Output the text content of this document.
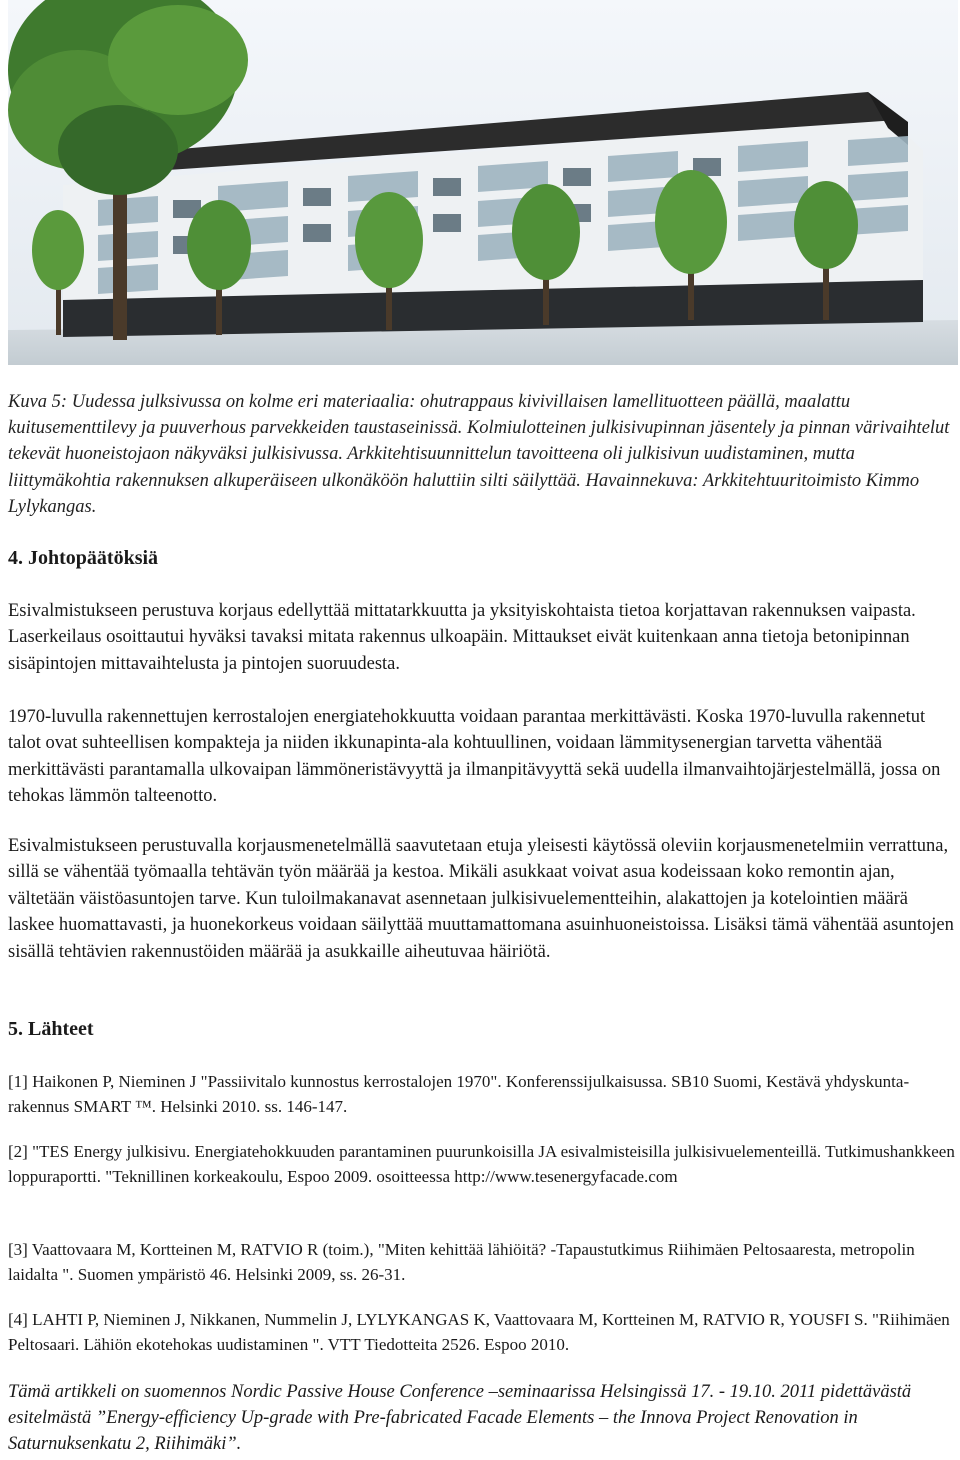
Kuva 5: Uudessa julksivussa on kolme eri materiaalia: ohutrappaus kivivillaisen lamellituotteen päällä, maalattu kuitusementtilevy ja puuverhous parvekkeiden taustaseinissä. Kolmiulotteinen julkisivupinnan jäsentely ja pinnan värivaihtelut tekevät huoneistojaon näkyväksi julkisivussa. Arkkitehtisuunnittelun tavoitteena oli julkisivun uudistaminen, mutta liittymäkohtia rakennuksen alkuperäiseen ulkonäköön haluttiin silti säilyttää. Havainnekuva: Arkkitehtuuritoimisto Kimmo Lylykangas.
4. Johtopäätöksiä
Esivalmistukseen perustuva korjaus edellyttää mittatarkkuutta ja yksityiskohtaista tietoa korjattavan rakennuksen vaipasta. Laserkeilaus osoittautui hyväksi tavaksi mitata rakennus ulkoapäin. Mittaukset eivät kuitenkaan anna tietoja betonipinnan sisäpintojen mittavaihtelusta ja pintojen suoruudesta.
1970-luvulla rakennettujen kerrostalojen energiatehokkuutta voidaan parantaa merkittävästi. Koska 1970-luvulla rakennetut talot ovat suhteellisen kompakteja ja niiden ikkunapinta-ala kohtuullinen, voidaan lämmitysenergian tarvetta vähentää merkittävästi parantamalla ulkovaipan lämmöneristävyyttä ja ilmanpitävyyttä sekä uudella ilmanvaihtojärjestelmällä, jossa on tehokas lämmön talteenotto.
Esivalmistukseen perustuvalla korjausmenetelmällä saavutetaan etuja yleisesti käytössä oleviin korjausmenetelmiin verrattuna, sillä se vähentää työmaalla tehtävän työn määrää ja kestoa. Mikäli asukkaat voivat asua kodeissaan koko remontin ajan, vältetään väistöasuntojen tarve. Kun tuloilmakanavat asennetaan julkisivuelementteihin, alakattojen ja kotelointien määrä laskee huomattavasti, ja huonekorkeus voidaan säilyttää muuttamattomana asuinhuoneistoissa. Lisäksi tämä vähentää asuntojen sisällä tehtävien rakennustöiden määrää ja asukkaille aiheutuvaa häiriötä.
5. Lähteet
[1] Haikonen P, Nieminen J "Passiivitalo kunnostus kerrostalojen 1970". Konferenssijulkaisussa. SB10 Suomi, Kestävä yhdyskunta-rakennus SMART ™. Helsinki 2010. ss. 146-147.
[2] "TES Energy julkisivu. Energiatehokkuuden parantaminen puurunkoisilla JA esivalmisteisilla julkisivuelementeillä. Tutkimushankkeen loppuraportti. "Teknillinen korkeakoulu, Espoo 2009. osoitteessa http://www.tesenergyfacade.com
[3] Vaattovaara M, Kortteinen M, RATVIO R (toim.), "Miten kehittää lähiöitä? -Tapaustutkimus Riihimäen Peltosaaresta, metropolin laidalta ". Suomen ympäristö 46. Helsinki 2009, ss. 26-31.
[4] LAHTI P, Nieminen J, Nikkanen, Nummelin J, LYLYKANGAS K, Vaattovaara M, Kortteinen M, RATVIO R, YOUSFI S. "Riihimäen Peltosaari. Lähiön ekotehokas uudistaminen ". VTT Tiedotteita 2526. Espoo 2010.
Tämä artikkeli on suomennos Nordic Passive House Conference –seminaarissa Helsingissä 17. - 19.10. 2011 pidettävästä esitelmästä ”Energy-efficiency Up-grade with Pre-fabricated Facade Elements – the Innova Project Renovation in Saturnuksenkatu 2, Riihimäki”.
